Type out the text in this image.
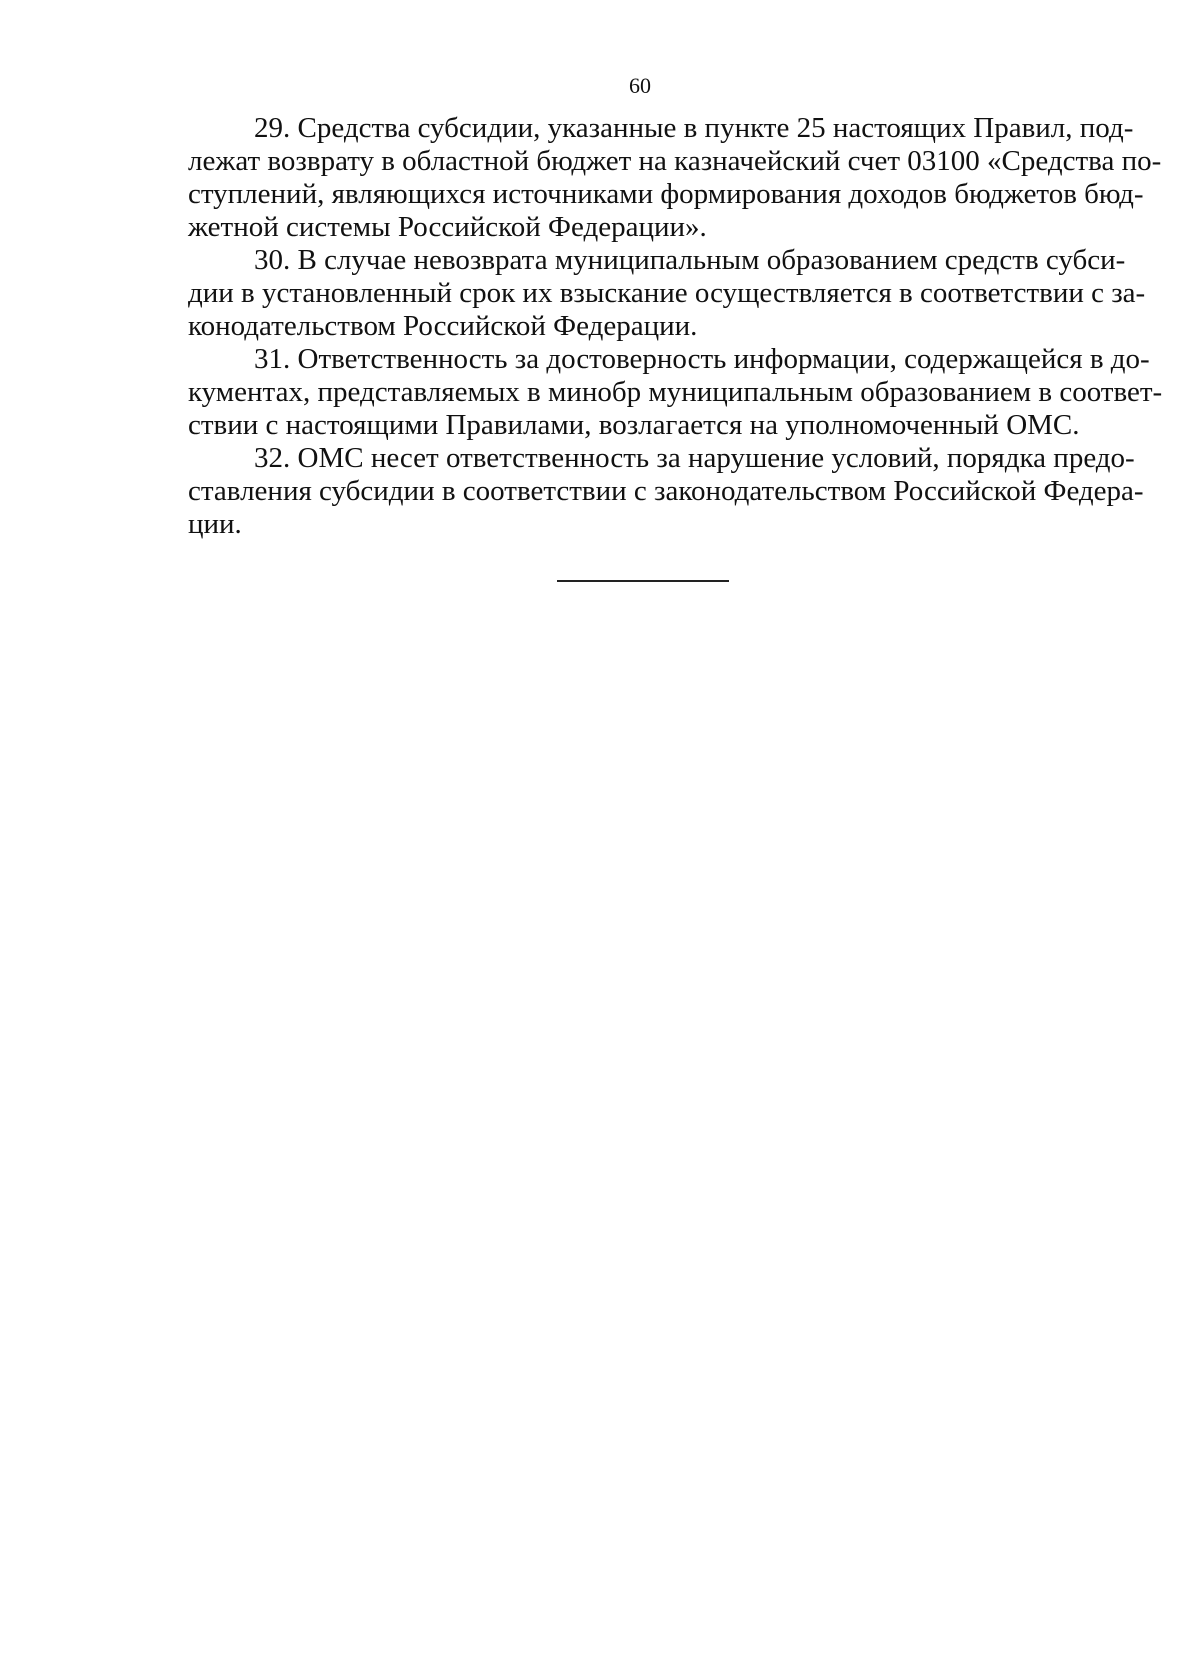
60

29. Средства субсидии, указанные в пункте 25 настоящих Правил, под-
лежат возврату в областной бюджет на казначейский счет 03100 «Средства по-
ступлений, являющихся источниками формирования доходов бюджетов бюд-
жетной системы Российской Федерации».

30. В случае невозврата муниципальным образованием средств субси-
дии в установленный срок их взыскание осуществляется в соответствии с за-
конодательством Российской Федерации.

31. Ответственность за достоверность информации, содержащейся в до-
кументах, представляемых в минобр муниципальным образованием в соответ-
ствии с настоящими Правилами, возлагается на уполномоченный ОМС.

32. ОМС несет ответственность за нарушение условий, порядка предо-
ставления субсидии в соответствии с законодательством Российской Федера-
ции.
